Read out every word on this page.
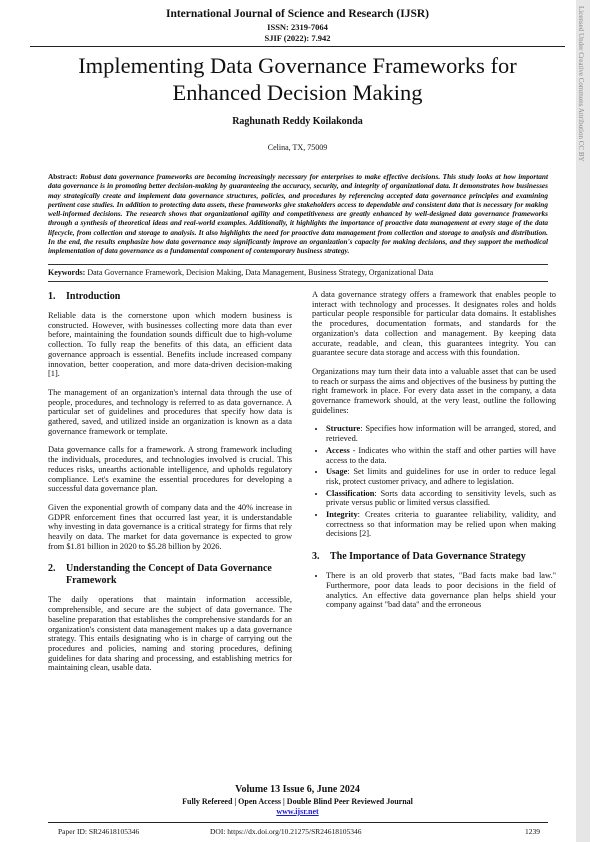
International Journal of Science and Research (IJSR)
ISSN: 2319-7064
SJIF (2022): 7.942	Licensed Under Creative Commons Attribution CC BY
Implementing Data Governance Frameworks for Enhanced Decision Making
Raghunath Reddy Koilakonda
Celina, TX, 75009
Abstract: Robust data governance frameworks are becoming increasingly necessary for enterprises to make effective decisions. This study looks at how important data governance is in promoting better decision-making by guaranteeing the accuracy, security, and integrity of organizational data. It demonstrates how businesses may strategically create and implement data governance structures, policies, and procedures by referencing accepted data governance principles and examining pertinent case studies. In addition to protecting data assets, these frameworks give stakeholders access to dependable and consistent data that is necessary for making well-informed decisions. The research shows that organizational agility and competitiveness are greatly enhanced by well-designed data governance frameworks through a synthesis of theoretical ideas and real-world examples. Additionally, it highlights the importance of proactive data management at every stage of the data lifecycle, from collection and storage to analysis. It also highlights the need for proactive data management from collection and storage to analysis and distribution. In the end, the results emphasize how data governance may significantly improve an organization's capacity for making decisions, and they support the methodical implementation of data governance as a fundamental component of contemporary business strategy.
Keywords: Data Governance Framework, Decision Making, Data Management, Business Strategy, Organizational Data
1.	Introduction

Reliable data is the cornerstone upon which modern business is constructed. However, with businesses collecting more data than ever before, maintaining the foundation sounds difficult due to high-volume collection. To fully reap the benefits of this data, an efficient data governance approach is essential. Benefits include increased company innovation, better cooperation, and more data-driven decision-making [1].

The management of an organization's internal data through the use of people, procedures, and technology is referred to as data governance. A particular set of guidelines and procedures that specify how data is gathered, saved, and utilized inside an organization is known as a data governance framework or template.

Data governance calls for a framework. A strong framework including the individuals, procedures, and technologies involved is crucial. This reduces risks, unearths actionable intelligence, and upholds regulatory compliance. Let's examine the essential procedures for developing a successful data governance plan.

Given the exponential growth of company data and the 40% increase in GDPR enforcement fines that occurred last year, it is understandable why investing in data governance is a critical strategy for firms that rely heavily on data. The market for data governance is expected to grow from $1.81 billion in 2020 to $5.28 billion by 2026.

2.	Understanding the Concept of Data Governance Framework

The daily operations that maintain information accessible, comprehensible, and secure are the subject of data governance. The baseline preparation that establishes the comprehensive standards for an organization's consistent data management makes up a data governance strategy. This entails designating who is in charge of carrying out the procedures and policies, naming and storing procedures, defining guidelines for data sharing and processing, and establishing metrics for maintaining clean, usable data.

A data governance strategy offers a framework that enables people to interact with technology and processes. It designates roles and holds particular people responsible for particular data domains. It establishes the procedures, documentation formats, and standards for the organization's data collection and management. By keeping data accurate, readable, and clean, this guarantees integrity. You can guarantee secure data storage and access with this foundation.

Organizations may turn their data into a valuable asset that can be used to reach or surpass the aims and objectives of the business by putting the right framework in place. For every data asset in the company, a data governance framework should, at the very least, outline the following guidelines:

• Structure: Specifies how information will be arranged, stored, and retrieved.
• Access - Indicates who within the staff and other parties will have access to the data.
• Usage: Set limits and guidelines for use in order to reduce legal risk, protect customer privacy, and adhere to legislation.
• Classification: Sorts data according to sensitivity levels, such as private versus public or limited versus classified.
• Integrity: Creates criteria to guarantee reliability, validity, and correctness so that information may be relied upon when making decisions [2].
3.	The Importance of Data Governance Strategy
• There is an old proverb that states, "Bad facts make bad law." Furthermore, poor data leads to poor decisions in the field of analytics. An effective data governance plan helps shield your company against "bad data" and the erroneous
Volume 13 Issue 6, June 2024
Fully Refereed | Open Access | Double Blind Peer Reviewed Journal
www.ijsr.net
Paper ID: SR24618105346	DOI: https://dx.doi.org/10.21275/SR24618105346	1239
